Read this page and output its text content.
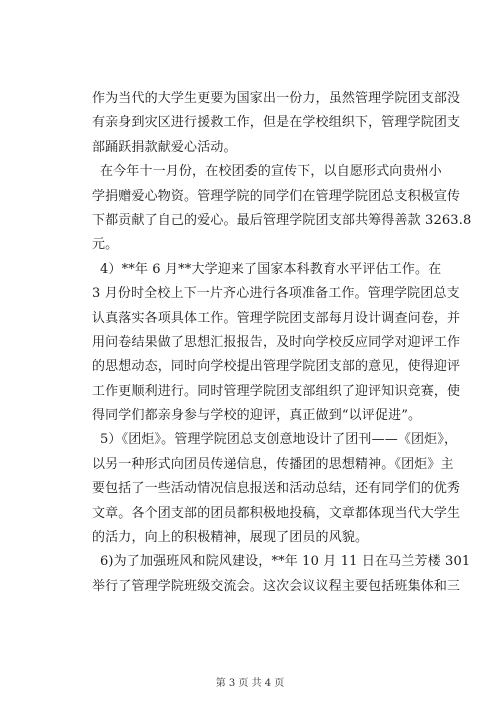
作为当代的大学生更要为国家出一份力，虽然管理学院团支部没
有亲身到灾区进行援救工作，但是在学校组织下，管理学院团支
部踊跃捐款献爱心活动。
在今年十一月份，在校团委的宣传下，以自愿形式向贵州小
学捐赠爱心物资。管理学院的同学们在管理学院团总支积极宣传
下都贡献了自己的爱心。最后管理学院团支部共筹得善款 3263.8
元。
4）**年 6 月**大学迎来了国家本科教育水平评估工作。在
3 月份时全校上下一片齐心进行各项准备工作。管理学院团总支
认真落实各项具体工作。管理学院团支部每月设计调查问卷，并
用问卷结果做了思想汇报报告，及时向学校反应同学对迎评工作
的思想动态，同时向学校提出管理学院团支部的意见，使得迎评
工作更顺利进行。同时管理学院团支部组织了迎评知识竞赛，使
得同学们都亲身参与学校的迎评，真正做到“以评促进”。
5）《团炬》。管理学院团总支创意地设计了团刊——《团炬》，
以另一种形式向团员传递信息，传播团的思想精神。《团炬》主
要包括了一些活动情况信息报送和活动总结，还有同学们的优秀
文章。各个团支部的团员都积极地投稿，文章都体现当代大学生
的活力，向上的积极精神，展现了团员的风貌。
6)为了加强班风和院风建设，**年 10 月 11 日在马兰芳楼 301
举行了管理学院班级交流会。这次会议议程主要包括班集体和三
第 3 页 共 4 页
